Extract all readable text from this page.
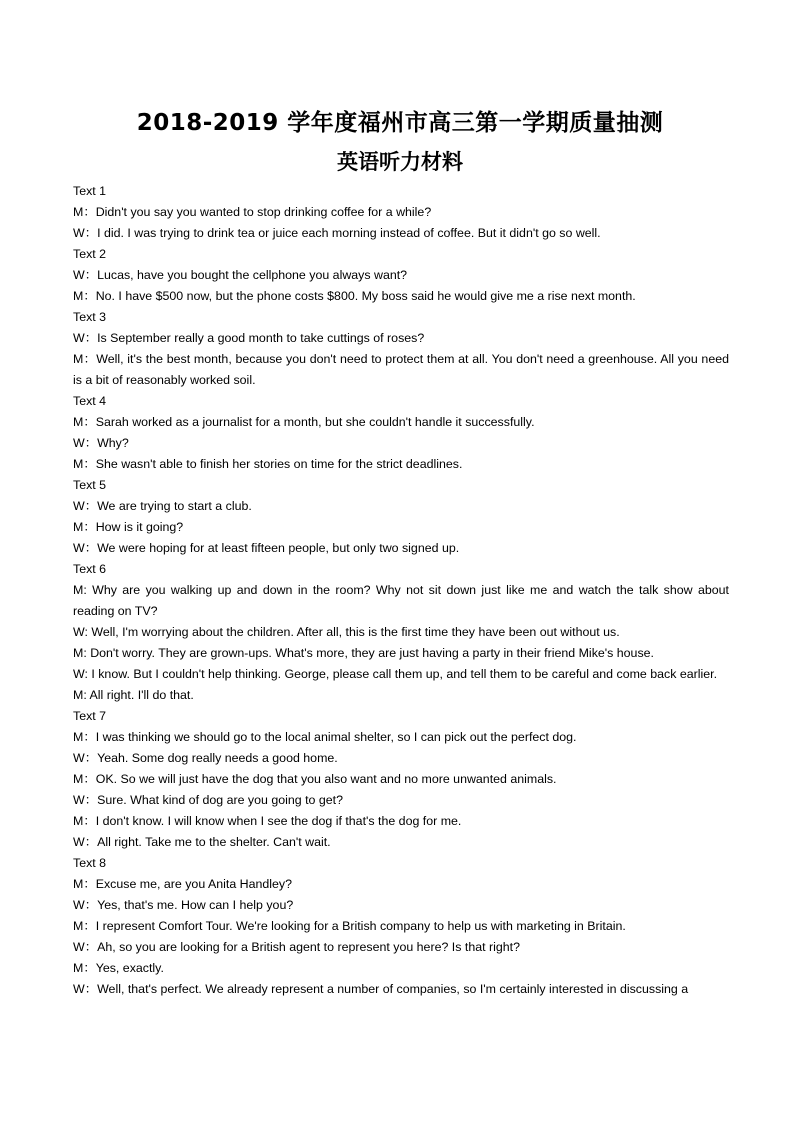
2018-2019 学年度福州市高三第一学期质量抽测
英语听力材料

Text 1

M：Didn't you say you wanted to stop drinking coffee for a while?

W：I did. I was trying to drink tea or juice each morning instead of coffee. But it didn't go so well.

Text 2

W：Lucas, have you bought the cellphone you always want?

M：No. I have $500 now, but the phone costs $800. My boss said he would give me a rise next month.

Text 3

W：Is September really a good month to take cuttings of roses?

M：Well, it's the best month, because you don't need to protect them at all. You don't need a greenhouse. All you need is a bit of reasonably worked soil.

Text 4

M：Sarah worked as a journalist for a month, but she couldn't handle it successfully.

W：Why?

M：She wasn't able to finish her stories on time for the strict deadlines.

Text 5

W：We are trying to start a club.

M：How is it going?

W：We were hoping for at least fifteen people, but only two signed up.

Text 6

M: Why are you walking up and down in the room? Why not sit down just like me and watch the talk show about reading on TV?

W: Well, I'm worrying about the children. After all, this is the first time they have been out without us.

M: Don't worry. They are grown-ups. What's more, they are just having a party in their friend Mike's house.

W: I know. But I couldn't help thinking. George, please call them up, and tell them to be careful and come back earlier.

M: All right. I'll do that.

Text 7

M：I was thinking we should go to the local animal shelter, so I can pick out the perfect dog.

W：Yeah. Some dog really needs a good home.

M：OK. So we will just have the dog that you also want and no more unwanted animals.

W：Sure. What kind of dog are you going to get?

M：I don't know. I will know when I see the dog if that's the dog for me.

W：All right. Take me to the shelter. Can't wait.

Text 8

M：Excuse me, are you Anita Handley?

W：Yes, that's me. How can I help you?

M：I represent Comfort Tour. We're looking for a British company to help us with marketing in Britain.

W：Ah, so you are looking for a British agent to represent you here? Is that right?

M：Yes, exactly.

W：Well, that's perfect. We already represent a number of companies, so I'm certainly interested in discussing a
